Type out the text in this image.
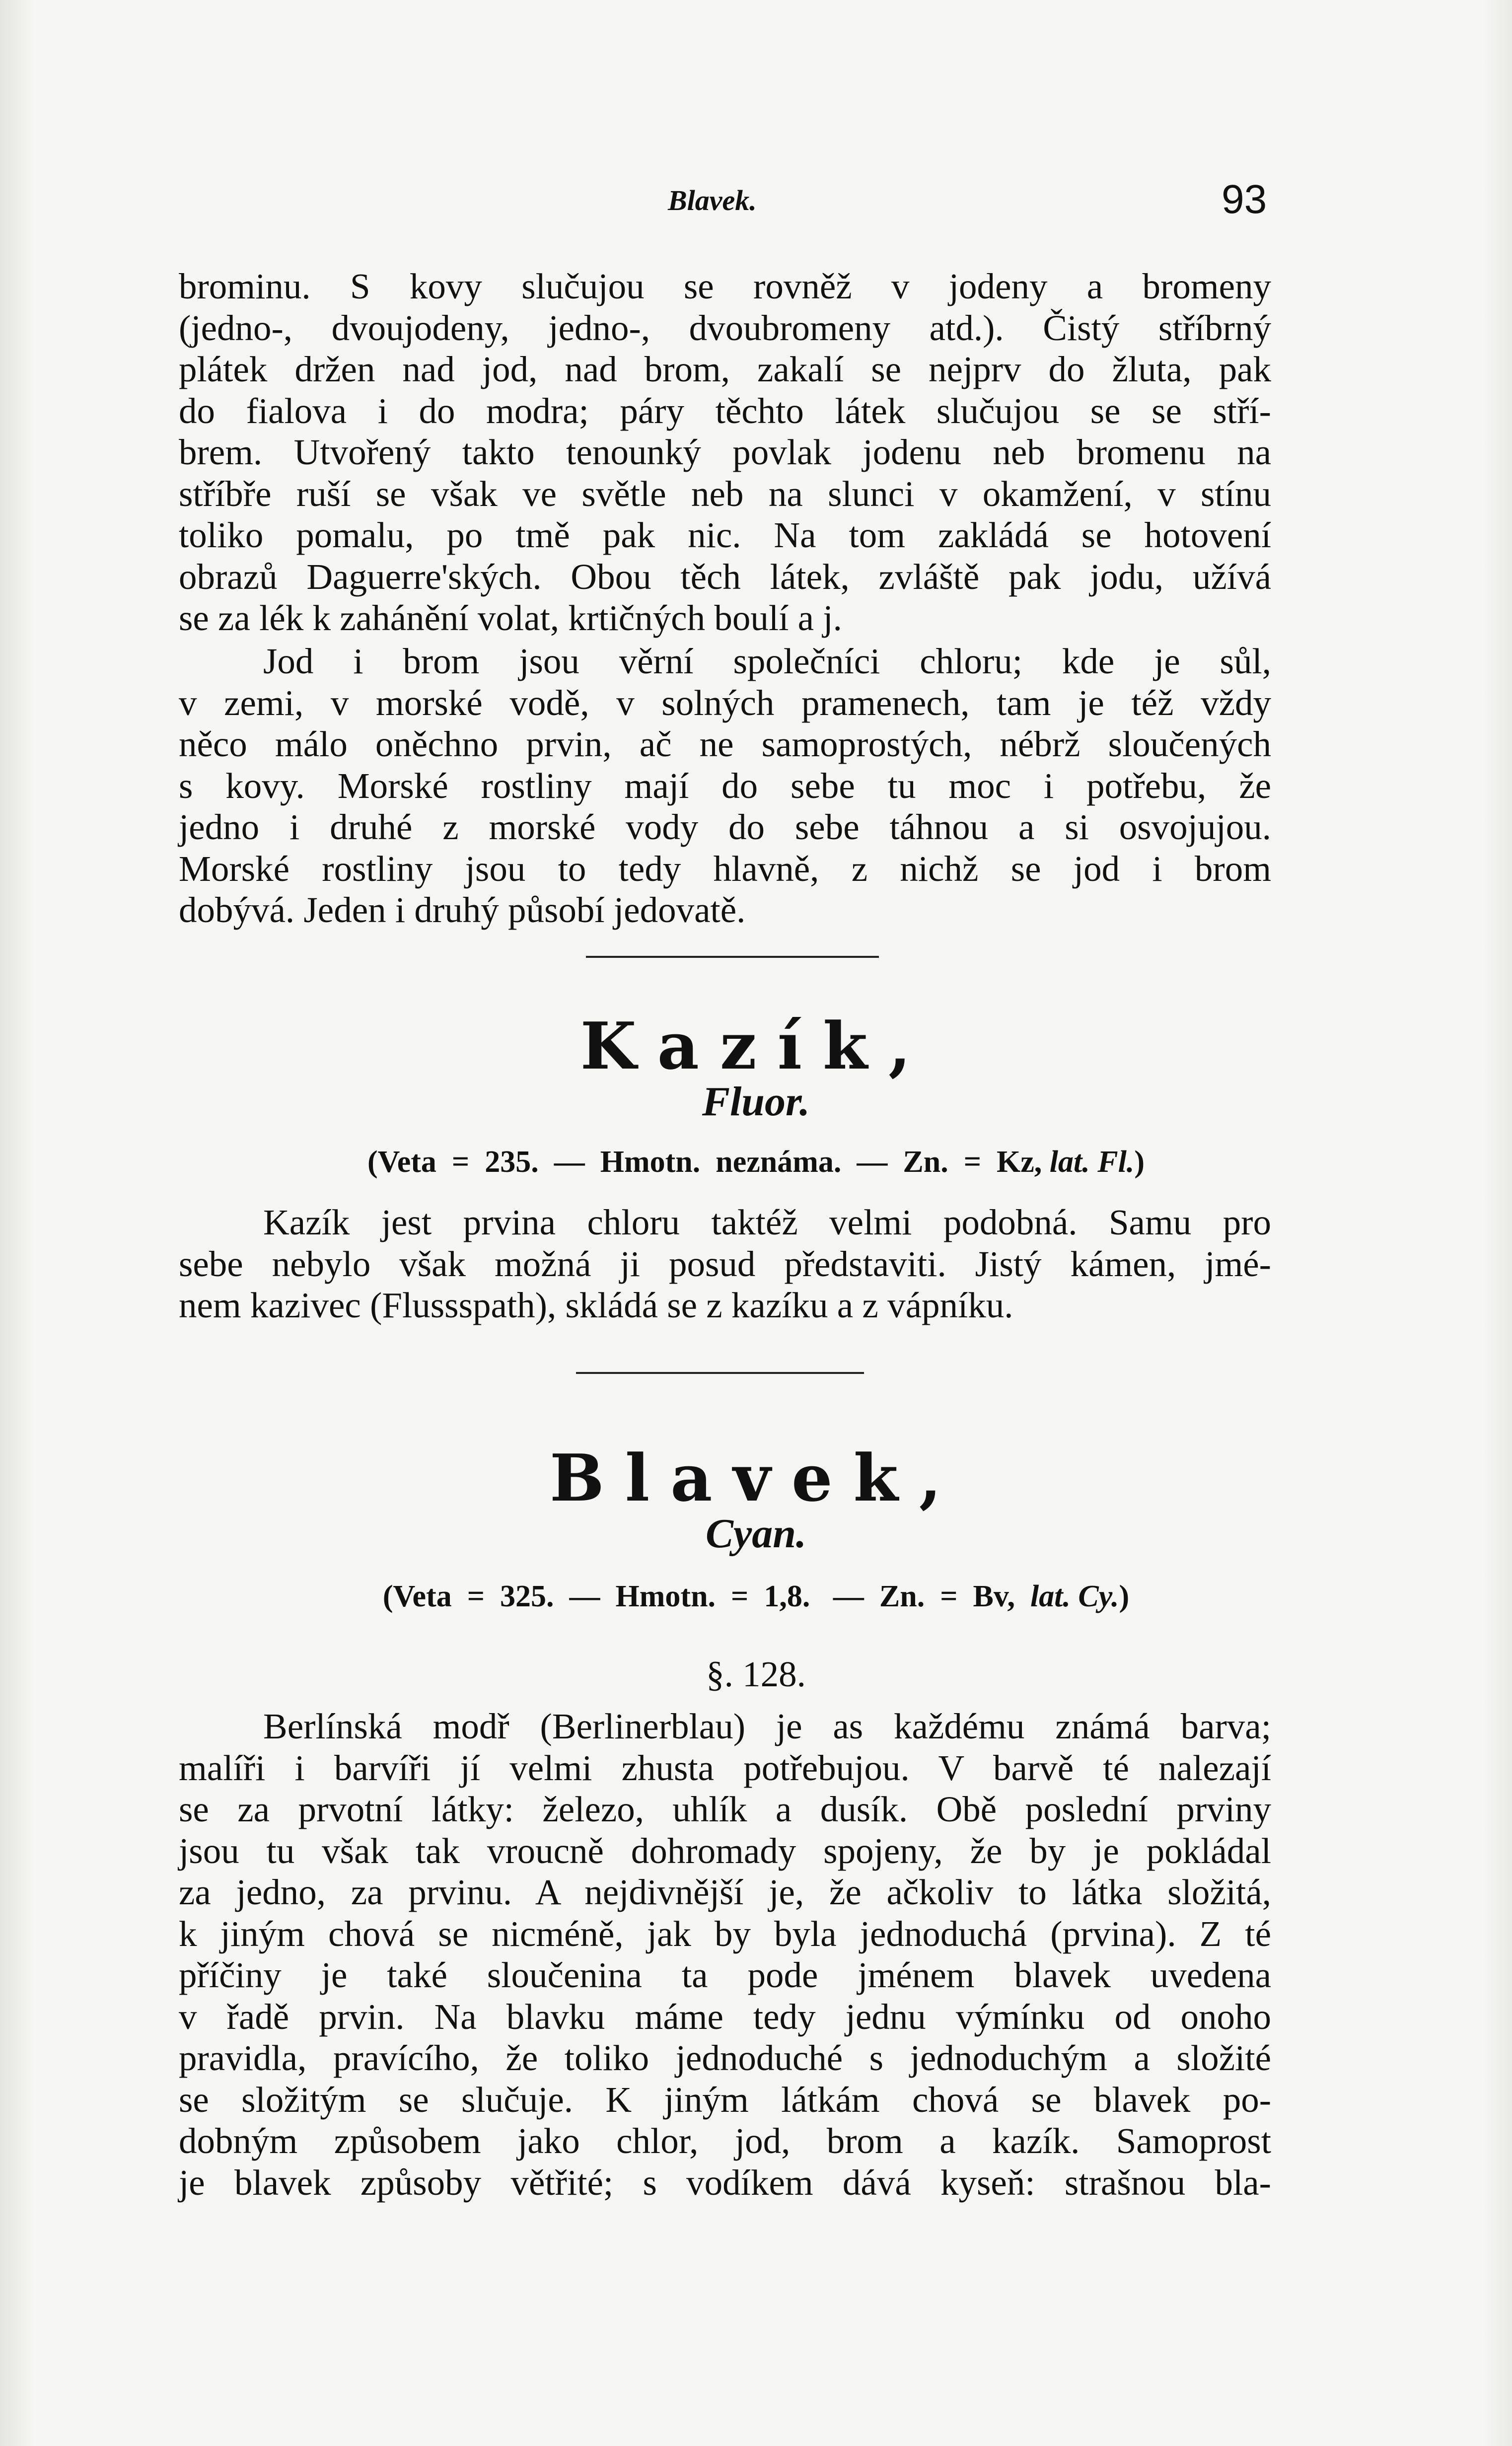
Blavek.	93
brominu. S kovy slučujou se rovněž v jodeny a bromeny
(jedno-, dvoujodeny, jedno-, dvoubromeny atd.). Čistý stříbrný
plátek držen nad jod, nad brom, zakalí se nejprv do žluta, pak
do fialova i do modra; páry těchto látek slučujou se se stří-
brem. Utvořený takto tenounký povlak jodenu neb bromenu na
stříbře ruší se však ve světle neb na slunci v okamžení, v stínu
toliko pomalu, po tmě pak nic. Na tom zakládá se hotovení
obrazů Daguerre'ských. Obou těch látek, zvláště pak jodu, užívá
se za lék k zahánění volat, krtičných boulí a j.
Jod i brom jsou věrní společníci chloru; kde je sůl,
v zemi, v morské vodě, v solných pramenech, tam je též vždy
něco málo oněchno prvin, ač ne samoprostých, nébrž sloučených
s kovy. Morské rostliny mají do sebe tu moc i potřebu, že
jedno i druhé z morské vody do sebe táhnou a si osvojujou.
Morské rostliny jsou to tedy hlavně, z nichž se jod i brom
dobývá. Jeden i druhý působí jedovatě.
Kazík,
Fluor.
(Veta  =  235.  —  Hmotn.  neznáma.  —  Zn.  =  Kz, lat. Fl.)
Kazík jest prvina chloru taktéž velmi podobná. Samu pro
sebe nebylo však možná ji posud představiti. Jistý kámen, jmé-
nem kazivec (Flussspath), skládá se z kazíku a z vápníku.
Blavek,
Cyan.
(Veta  =  325.  —  Hmotn.  =  1,8.   —  Zn.  =  Bv,  lat. Cy.)
§. 128.
Berlínská modř (Berlinerblau) je as každému známá barva;
malíři i barvíři jí velmi zhusta potřebujou. V barvě té nalezají
se za prvotní látky: železo, uhlík a dusík. Obě poslední prviny
jsou tu však tak vroucně dohromady spojeny, že by je pokládal
za jedno, za prvinu. A nejdivnější je, že ačkoliv to látka složitá,
k jiným chová se nicméně, jak by byla jednoduchá (prvina). Z té
příčiny je také sloučenina ta pode jménem blavek uvedena
v řadě prvin. Na blavku máme tedy jednu výmínku od onoho
pravidla, pravícího, že toliko jednoduché s jednoduchým a složité
se složitým se slučuje. K jiným látkám chová se blavek po-
dobným způsobem jako chlor, jod, brom a kazík. Samoprost
je blavek způsoby větřité; s vodíkem dává kyseň: strašnou bla-
